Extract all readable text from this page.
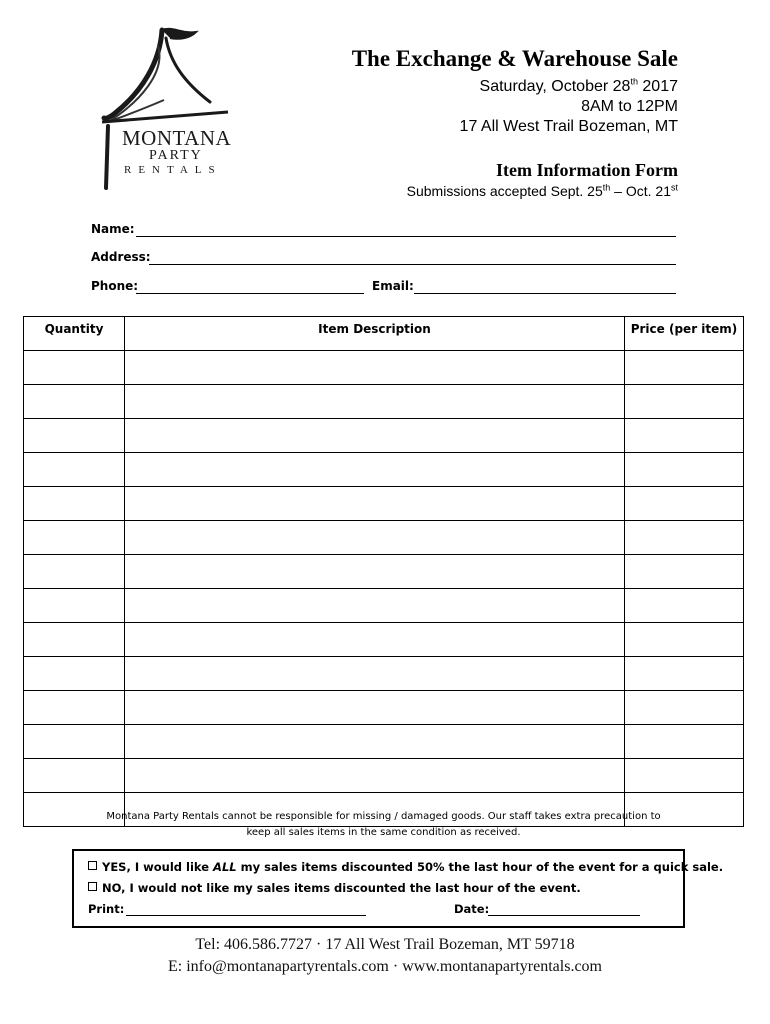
MONTANA
PARTY
RENTALS
The Exchange & Warehouse Sale
Saturday, October 28th 2017
8AM to 12PM
17 All West Trail Bozeman, MT
Item Information Form
Submissions accepted Sept. 25th – Oct. 21st
Name:
Address:
Phone:	Email:
Quantity	Item Description	Price (per item)

Montana Party Rentals cannot be responsible for missing / damaged goods. Our staff takes extra precaution to
keep all sales items in the same condition as received.
YES, I would like ALL my sales items discounted 50% the last hour of the event for a quick sale.
NO, I would not like my sales items discounted the last hour of the event.
Print:	Date:
Tel: 406.586.7727 · 17 All West Trail Bozeman, MT 59718
E: info@montanapartyrentals.com · www.montanapartyrentals.com
